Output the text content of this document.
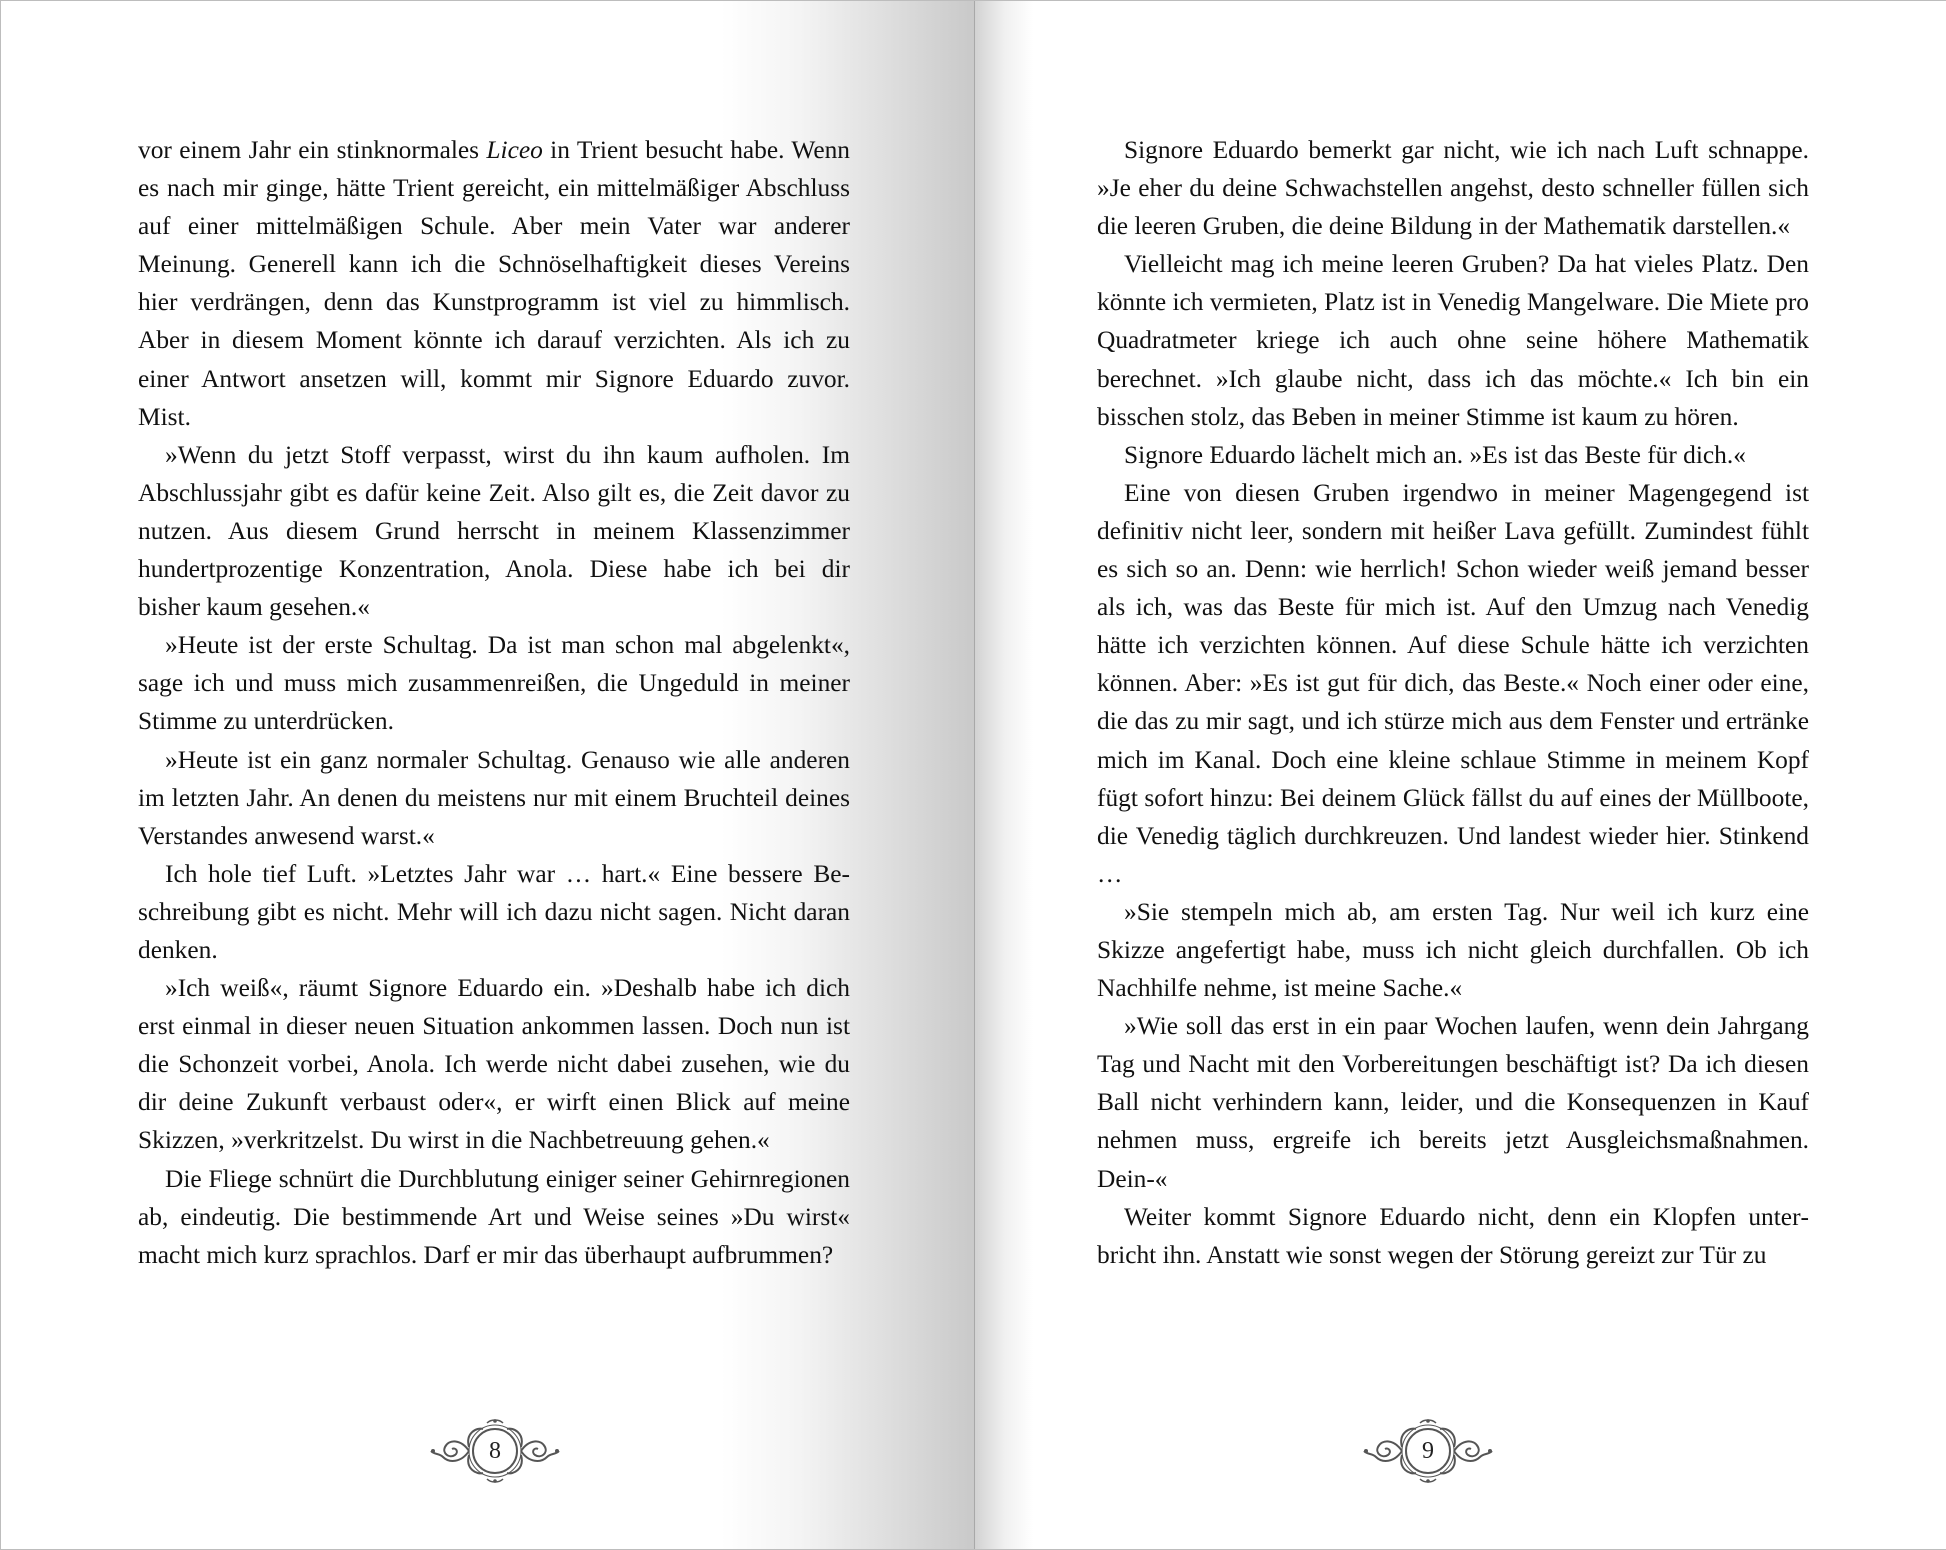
vor einem Jahr ein stinknormales Liceo in Trient besucht habe. Wenn es nach mir ginge, hätte Trient gereicht, ein mittelmäßiger Abschluss auf einer mittelmäßigen Schule. Aber mein Vater war anderer Meinung. Generell kann ich die Schnöselhaftigkeit dieses Vereins hier verdrängen, denn das Kunstprogramm ist viel zu himmlisch. Aber in diesem Moment könnte ich darauf verzichten. Als ich zu einer Antwort ansetzen will, kommt mir Signore Eduardo zuvor. Mist.

»Wenn du jetzt Stoff verpasst, wirst du ihn kaum aufholen. Im Abschlussjahr gibt es dafür keine Zeit. Also gilt es, die Zeit davor zu nutzen. Aus diesem Grund herrscht in meinem Klassenzimmer hundertprozentige Konzentration, Anola. Diese habe ich bei dir bisher kaum gesehen.«

»Heute ist der erste Schultag. Da ist man schon mal abgelenkt«, sage ich und muss mich zusammenreißen, die Ungeduld in meiner Stimme zu unterdrücken.

»Heute ist ein ganz normaler Schultag. Genauso wie alle anderen im letzten Jahr. An denen du meistens nur mit einem Bruchteil deines Verstandes anwesend warst.«

Ich hole tief Luft. »Letztes Jahr war … hart.« Eine bessere Beschreibung gibt es nicht. Mehr will ich dazu nicht sagen. Nicht daran denken.

»Ich weiß«, räumt Signore Eduardo ein. »Deshalb habe ich dich erst einmal in dieser neuen Situation ankommen lassen. Doch nun ist die Schonzeit vorbei, Anola. Ich werde nicht dabei zusehen, wie du dir deine Zukunft verbaust oder«, er wirft einen Blick auf meine Skizzen, »verkritzelst. Du wirst in die Nachbetreuung gehen.«

Die Fliege schnürt die Durchblutung einiger seiner Gehirnregionen ab, eindeutig. Die bestimmende Art und Weise seines »Du wirst« macht mich kurz sprachlos. Darf er mir das überhaupt aufbrummen?

8

Signore Eduardo bemerkt gar nicht, wie ich nach Luft schnappe. »Je eher du deine Schwachstellen angehst, desto schneller füllen sich die leeren Gruben, die deine Bildung in der Mathematik darstellen.«

Vielleicht mag ich meine leeren Gruben? Da hat vieles Platz. Den könnte ich vermieten, Platz ist in Venedig Mangelware. Die Miete pro Quadratmeter kriege ich auch ohne seine höhere Mathematik berechnet. »Ich glaube nicht, dass ich das möchte.« Ich bin ein bisschen stolz, das Beben in meiner Stimme ist kaum zu hören.

Signore Eduardo lächelt mich an. »Es ist das Beste für dich.«

Eine von diesen Gruben irgendwo in meiner Magengegend ist definitiv nicht leer, sondern mit heißer Lava gefüllt. Zumindest fühlt es sich so an. Denn: wie herrlich! Schon wieder weiß jemand besser als ich, was das Beste für mich ist. Auf den Umzug nach Venedig hätte ich verzichten können. Auf diese Schule hätte ich verzichten können. Aber: »Es ist gut für dich, das Beste.« Noch einer oder eine, die das zu mir sagt, und ich stürze mich aus dem Fenster und ertränke mich im Kanal. Doch eine kleine schlaue Stimme in meinem Kopf fügt sofort hinzu: Bei deinem Glück fällst du auf eines der Müllboote, die Venedig täglich durchkreuzen. Und landest wieder hier. Stinkend …

»Sie stempeln mich ab, am ersten Tag. Nur weil ich kurz eine Skizze angefertigt habe, muss ich nicht gleich durchfallen. Ob ich Nachhilfe nehme, ist meine Sache.«

»Wie soll das erst in ein paar Wochen laufen, wenn dein Jahrgang Tag und Nacht mit den Vorbereitungen beschäftigt ist? Da ich diesen Ball nicht verhindern kann, leider, und die Konsequenzen in Kauf nehmen muss, ergreife ich bereits jetzt Ausgleichsmaßnahmen. Dein-«

Weiter kommt Signore Eduardo nicht, denn ein Klopfen unterbricht ihn. Anstatt wie sonst wegen der Störung gereizt zur Tür zu

9
